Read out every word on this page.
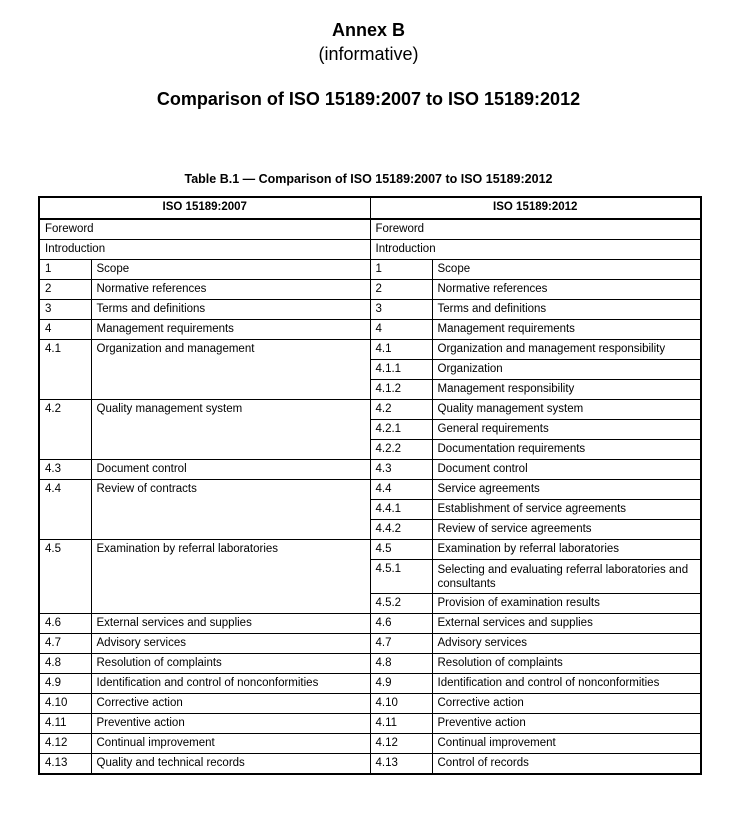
Annex B
(informative)
Comparison of ISO 15189:2007 to ISO 15189:2012
Table B.1 — Comparison of ISO 15189:2007 to ISO 15189:2012
ISO 15189:2007		ISO 15189:2012	
Foreword		Foreword	
Introduction		Introduction	
1	Scope	1	Scope
2	Normative references	2	Normative references
3	Terms and definitions	3	Terms and definitions
4	Management requirements	4	Management requirements
4.1	Organization and management	4.1	Organization and management responsibility
		4.1.1	Organization
		4.1.2	Management responsibility
4.2	Quality management system	4.2	Quality management system
		4.2.1	General requirements
		4.2.2	Documentation requirements
4.3	Document control	4.3	Document control
4.4	Review of contracts	4.4	Service agreements
		4.4.1	Establishment of service agreements
		4.4.2	Review of service agreements
4.5	Examination by referral laboratories	4.5	Examination by referral laboratories
		4.5.1	Selecting and evaluating referral laboratories and consultants
		4.5.2	Provision of examination results
4.6	External services and supplies	4.6	External services and supplies
4.7	Advisory services	4.7	Advisory services
4.8	Resolution of complaints	4.8	Resolution of complaints
4.9	Identification and control of nonconformities	4.9	Identification and control of nonconformities
4.10	Corrective action	4.10	Corrective action
4.11	Preventive action	4.11	Preventive action
4.12	Continual improvement	4.12	Continual improvement
4.13	Quality and technical records	4.13	Control of records
